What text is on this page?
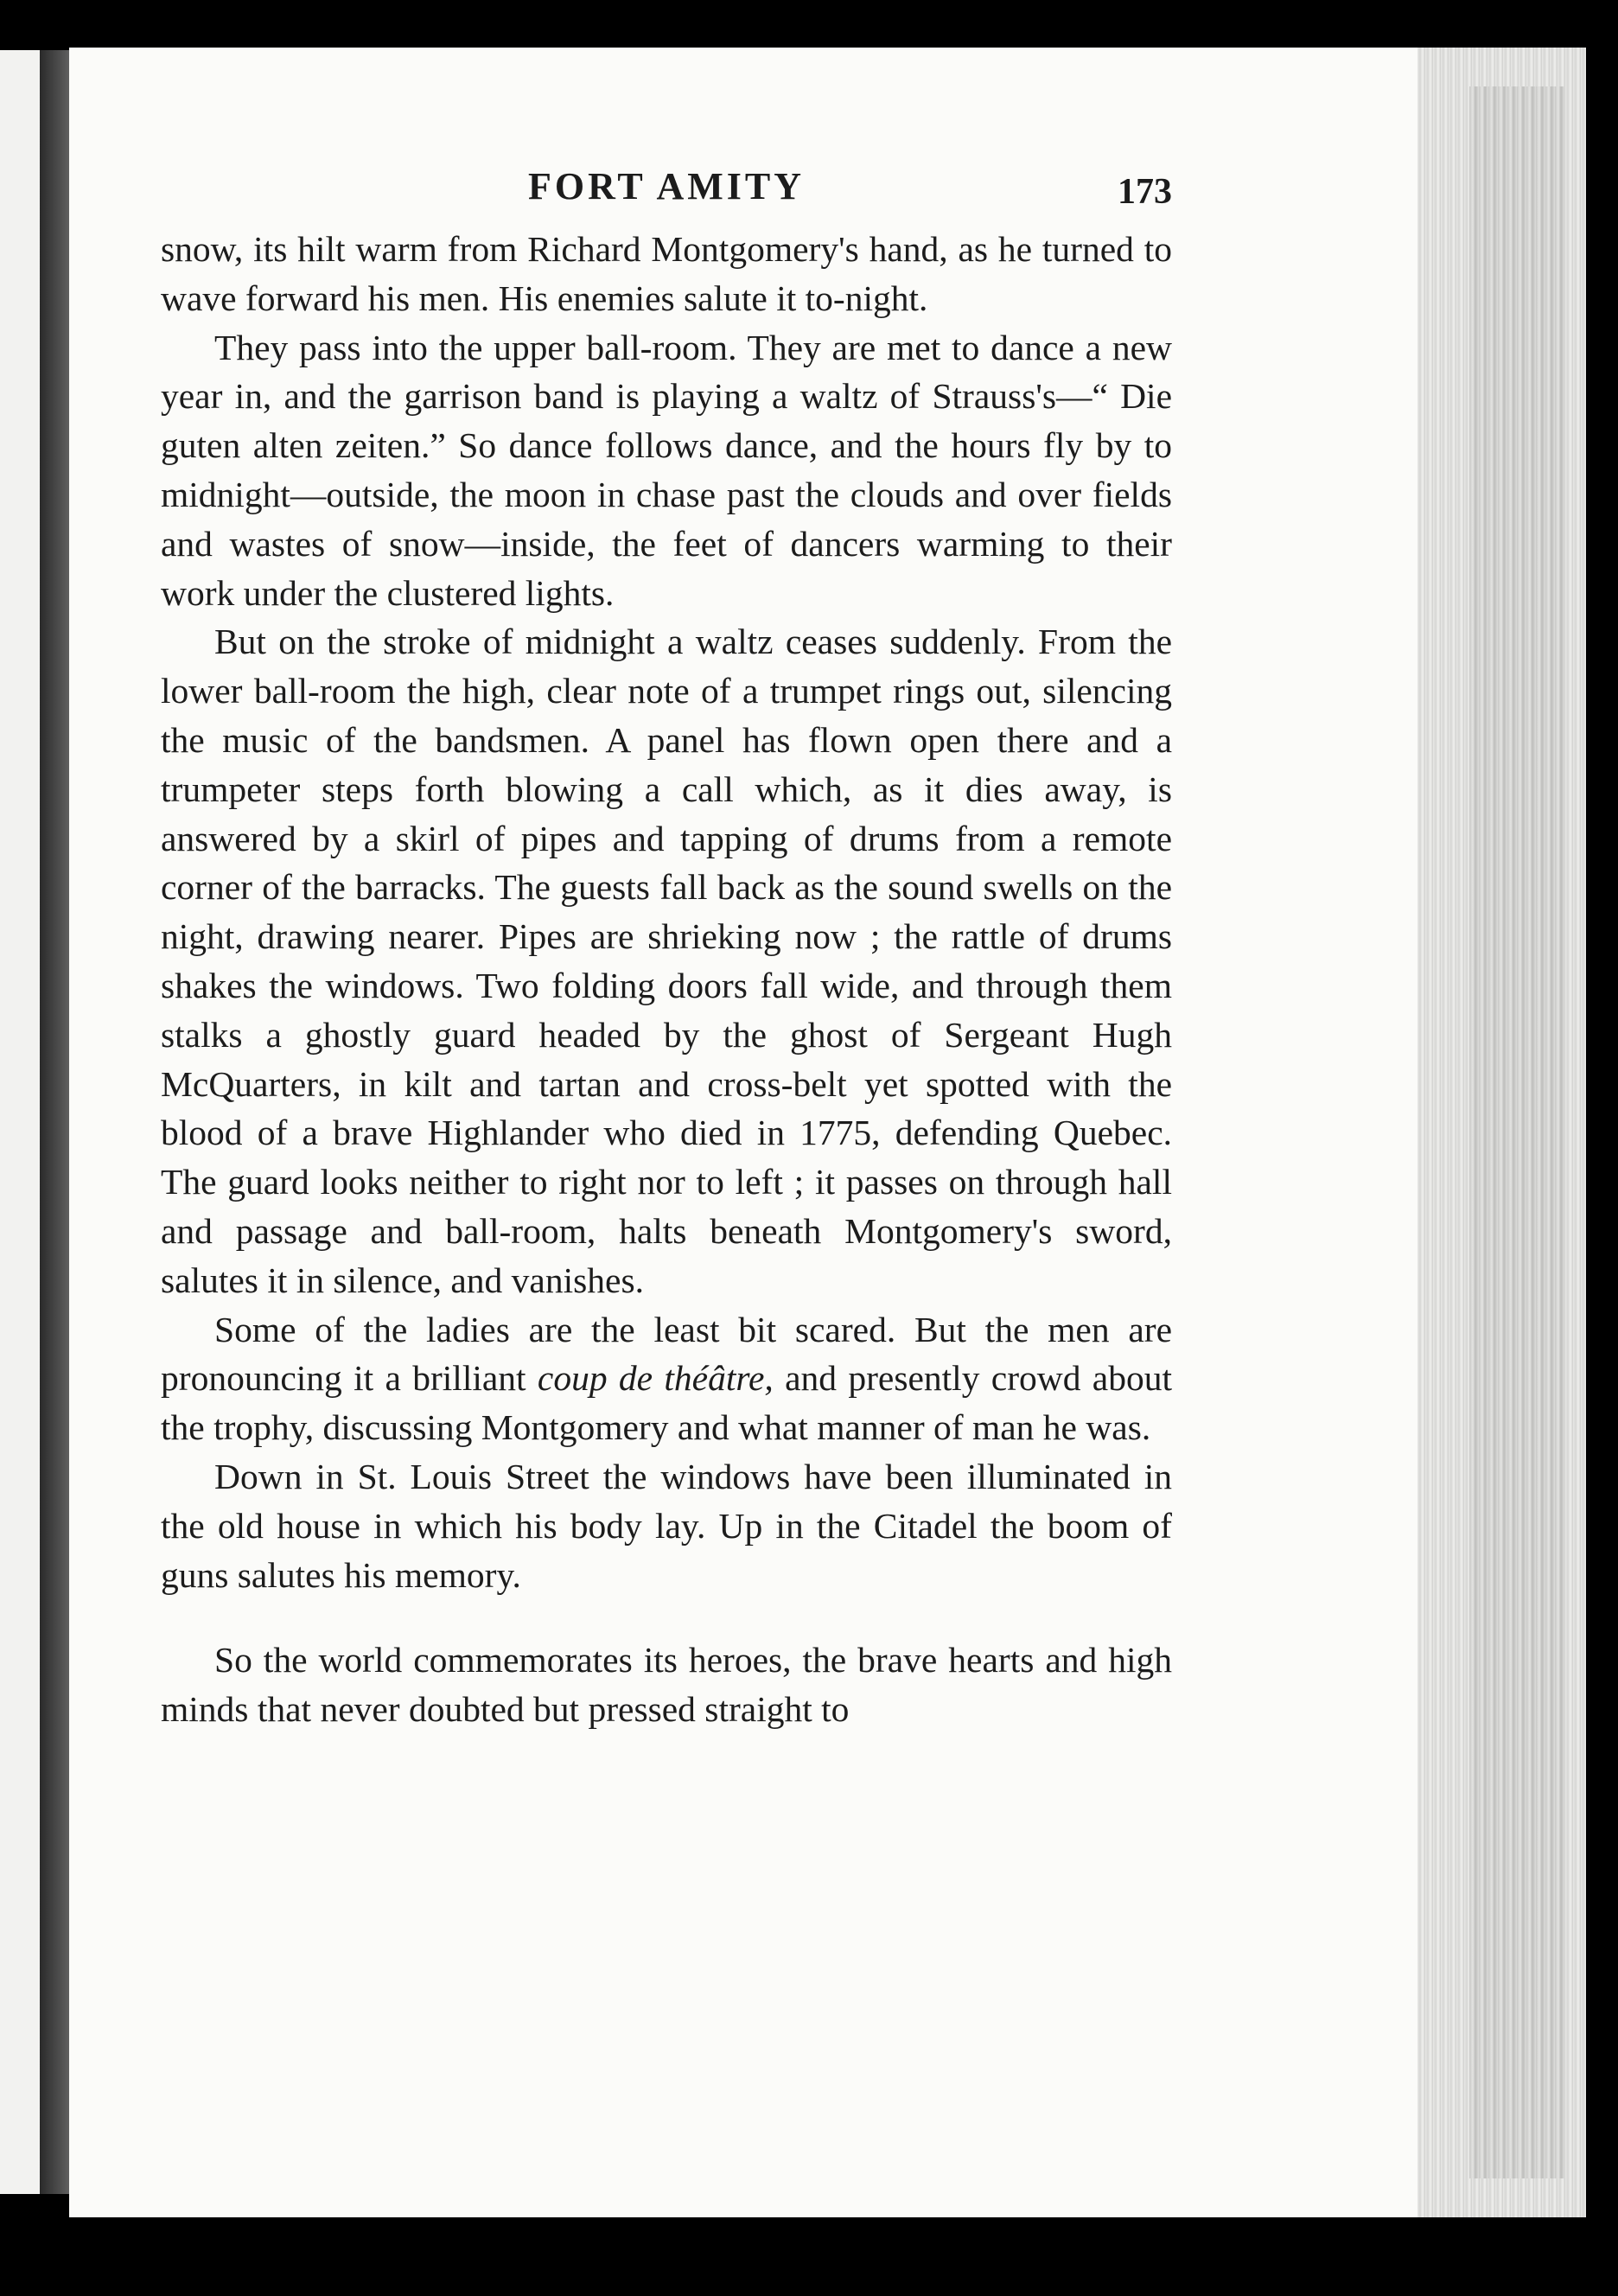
FORT AMITY	173

snow, its hilt warm from Richard Montgomery's hand, as he turned to wave forward his men. His enemies salute it to-night.

They pass into the upper ball-room. They are met to dance a new year in, and the garrison band is playing a waltz of Strauss's—“ Die guten alten zeiten.” So dance follows dance, and the hours fly by to midnight—outside, the moon in chase past the clouds and over fields and wastes of snow—inside, the feet of dancers warming to their work under the clustered lights.

But on the stroke of midnight a waltz ceases suddenly. From the lower ball-room the high, clear note of a trumpet rings out, silencing the music of the bandsmen. A panel has flown open there and a trumpeter steps forth blowing a call which, as it dies away, is answered by a skirl of pipes and tapping of drums from a remote corner of the barracks. The guests fall back as the sound swells on the night, drawing nearer. Pipes are shrieking now ; the rattle of drums shakes the windows. Two folding doors fall wide, and through them stalks a ghostly guard headed by the ghost of Sergeant Hugh McQuarters, in kilt and tartan and cross-belt yet spotted with the blood of a brave Highlander who died in 1775, defending Quebec. The guard looks neither to right nor to left ; it passes on through hall and passage and ball-room, halts beneath Montgomery's sword, salutes it in silence, and vanishes.

Some of the ladies are the least bit scared. But the men are pronouncing it a brilliant coup de théâtre, and presently crowd about the trophy, discussing Montgomery and what manner of man he was.

Down in St. Louis Street the windows have been illuminated in the old house in which his body lay. Up in the Citadel the boom of guns salutes his memory.

So the world commemorates its heroes, the brave hearts and high minds that never doubted but pressed straight to
